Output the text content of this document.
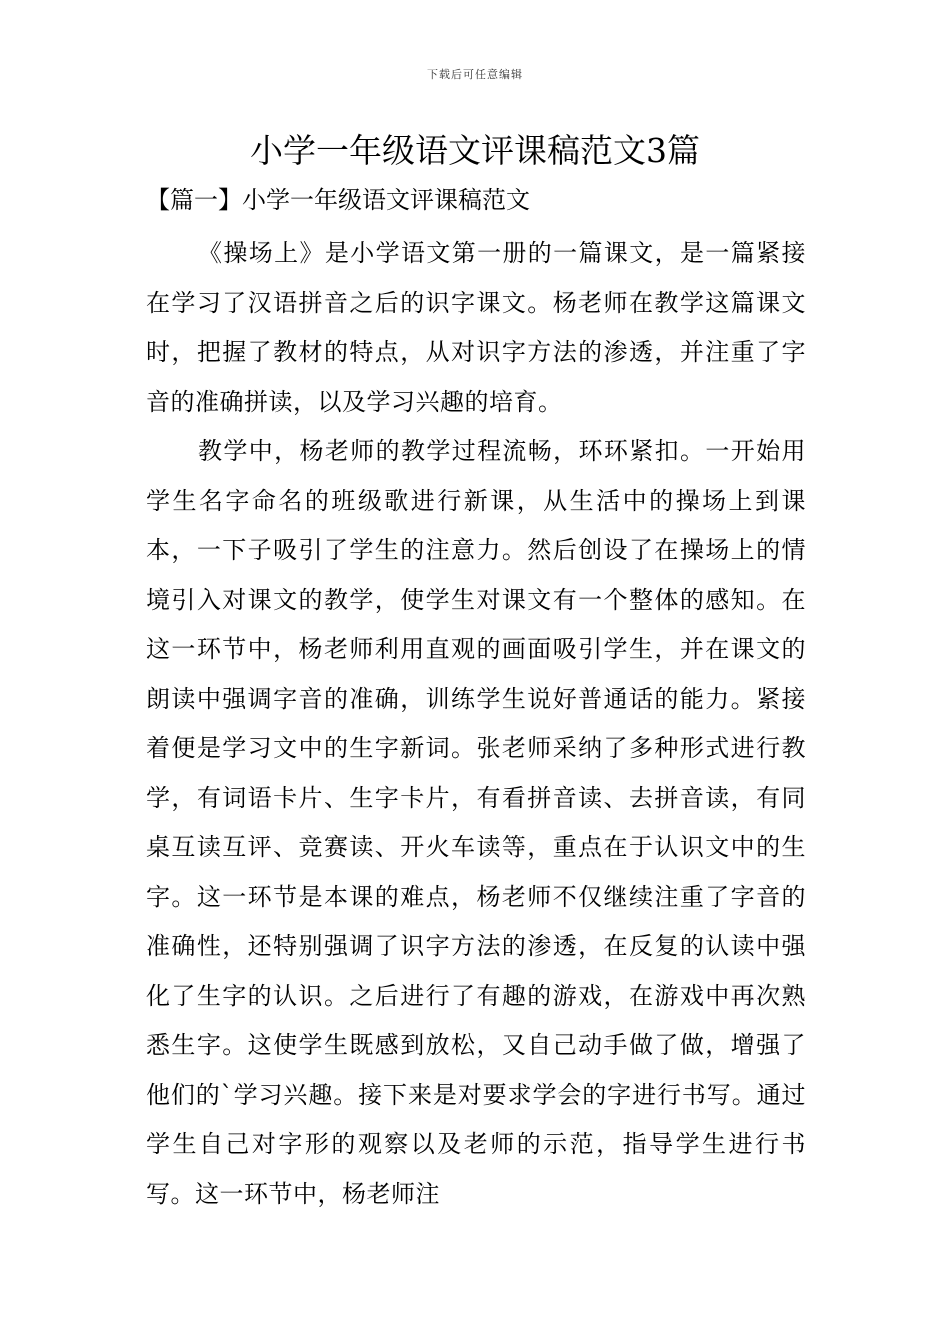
下载后可任意编辑
小学一年级语文评课稿范文3篇
【篇一】小学一年级语文评课稿范文

《操场上》是小学语文第一册的一篇课文，是一篇紧接在学习了汉语拼音之后的识字课文。杨老师在教学这篇课文时，把握了教材的特点，从对识字方法的渗透，并注重了字音的准确拼读，以及学习兴趣的培育。

教学中，杨老师的教学过程流畅，环环紧扣。一开始用学生名字命名的班级歌进行新课，从生活中的操场上到课本，一下子吸引了学生的注意力。然后创设了在操场上的情境引入对课文的教学，使学生对课文有一个整体的感知。在这一环节中，杨老师利用直观的画面吸引学生，并在课文的朗读中强调字音的准确，训练学生说好普通话的能力。紧接着便是学习文中的生字新词。张老师采纳了多种形式进行教学，有词语卡片、生字卡片，有看拼音读、去拼音读，有同桌互读互评、竞赛读、开火车读等，重点在于认识文中的生字。这一环节是本课的难点，杨老师不仅继续注重了字音的准确性，还特别强调了识字方法的渗透，在反复的认读中强化了生字的认识。之后进行了有趣的游戏，在游戏中再次熟悉生字。这使学生既感到放松，又自己动手做了做，增强了他们的`学习兴趣。接下来是对要求学会的字进行书写。通过学生自己对字形的观察以及老师的示范，指导学生进行书写。这一环节中，杨老师注
